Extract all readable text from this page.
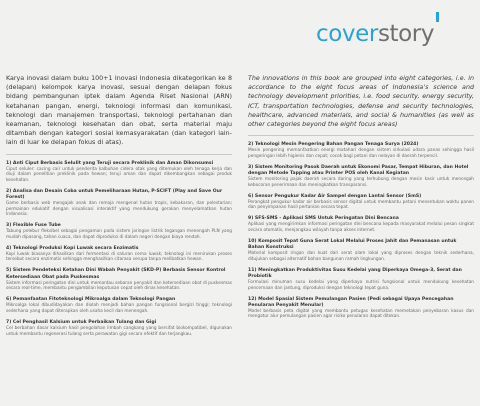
coverstory

Karya inovasi dalam buku 100+1 Inovasi Indonesia dikategorikan ke 8 (delapan) kelompok karya inovasi, sesuai dengan delapan fokus bidang pembangunan iptek dalam Agenda Riset Nasional (ARN) ketahanan pangan, energi, teknologi informasi dan komunikasi, teknologi dan manajemen transportasi, teknologi pertahanan dan keamanan, teknologi kesehatan dan obat, serta material maju ditambah dengan kategori sosial kemasyarakatan (dan kategori lain-lain di luar ke delapan fokus di atas).

1) Anti Ciput Berbasis Selulit yang Teruji secara Preklinik dan Aman Dikonsumsi
Ciput seluler: cacing cair untuk penderita kalbuhan cidera otak yang ditemukan oleh tenaga kerja dan diuji dalam penelitian preklinik pada hewan; teruji aman dan dapat dikembangkan sebagai produk kesehatan.
2) Analisa dan Desain Coba untuk Pemeliharaan Hutan, P-SCIFT (Play and Save Our Forest)
Game berbasis web mengajak anak dan remaja mengenal hutan tropis, kebakaran, dan pelestarian; permainan edukatif dengan visualisasi interaktif yang mendukung gerakan menyelamatkan hutan Indonesia.
3) Flexible Fuse Tube
Tabung pelebur fleksibel sebagai pengaman pada sistem jaringan listrik tegangan menengah PLN yang mudah dipasang, tahan cuaca, dan dapat diproduksi di dalam negeri dengan biaya rendah.
4) Teknologi Produksi Kopi Luwak secara Enzimatis
Kopi luwak biasanya dihasilkan dari fermentasi di saluran cerna luwak; teknologi ini menirukan proses tersebut secara enzimatis sehingga menghasilkan citarasa serupa tanpa melibatkan hewan.
5) Sistem Pendeteksi Ketahan Dini Wabah Penyakit (SKD-P) Berbasis Sensor Kontrol Ketersediaan Obat pada Puskesmas
Sistem informasi peringatan dini untuk memantau sebaran penyakit dan ketersediaan obat di puskesmas secara real-time, membantu pengambilan keputusan cepat oleh dinas kesehatan.
6) Pemanfaatan Fitoteknologi Mikroalga dalam Teknologi Pangan
Mikroalga lokal dibudidayakan dan diolah menjadi bahan pangan fungsional bergizi tinggi; teknologi sederhana yang dapat diterapkan oleh usaha kecil dan menengah.
7) Cel Penghasil Kalsium untuk Perbaikan Tulang dan Gigi
Cel berbahan dasar kalsium hasil pengolahan limbah cangkang yang bersifat biokompatibel, digunakan untuk membantu regenerasi tulang serta perawatan gigi secara efektif dan terjangkau.

The innovations in this book are grouped into eight categories, i.e. in accordance to the eight focus areas of Indonesia's science and technology development priorities, i.e. food security, energy security, ICT, transportation technologies, defense and security technologies, healthcare, advanced materials, and social & humanities (as well as other categories beyond the eight focus areas)

2) Teknologi Mesin Pengering Bahan Pangan Tenaga Surya (2024)
Mesin pengering memanfaatkan energi matahari dengan sistem sirkulasi udara panas sehingga hasil pengeringan lebih higienis dan cepat; cocok bagi petani dan nelayan di daerah terpencil.
3) Sistem Monitoring Pasok Daerah untuk Ekonomi Pasar, Tempat Hiburan, dan Hotel dengan Metode Tapping atau Printer POS oleh Kanal Kegiatan
Sistem monitoring pajak daerah secara daring yang terhubung dengan mesin kasir untuk mencegah kebocoran penerimaan dan meningkatkan transparansi.
6) Sensor Pengukur Kadar Air Sampel dengan Lantai Sensor (SmS)
Perangkat pengukur kadar air berbasis sensor digital untuk membantu petani menentukan waktu panen dan penyimpanan hasil pertanian secara tepat.
9) SFS-SMS - Aplikasi SMS Untuk Peringatan Dini Bencana
Aplikasi yang mengirimkan informasi peringatan dini bencana kepada masyarakat melalui pesan singkat secara otomatis, menjangkau wilayah tanpa akses internet.
10) Komposit Tepat Guna Serat Lokal Melalui Proses Jahit dan Pemanasan untuk Bahan Konstruksi
Material komposit ringan dan kuat dari serat alam lokal yang diproses dengan teknik sederhana, ditujukan sebagai alternatif bahan bangunan ramah lingkungan.
11) Meningkatkan Produktivitas Susu Kedelai yang Diperkaya Omega-3, Serat dan Probiotik
Formulasi minuman susu kedelai yang diperkaya nutrisi fungsional untuk mendukung kesehatan pencernaan dan jantung, diproduksi dengan teknologi tepat guna.
12) Model Spasial Sistem Pemulangan Pasien (Pedi sebagai Upaya Pencegahan Penularan Penyakit Menular)
Model berbasis peta digital yang membantu petugas kesehatan memetakan penyebaran kasus dan mengatur alur pemulangan pasien agar risiko penularan dapat ditekan.
